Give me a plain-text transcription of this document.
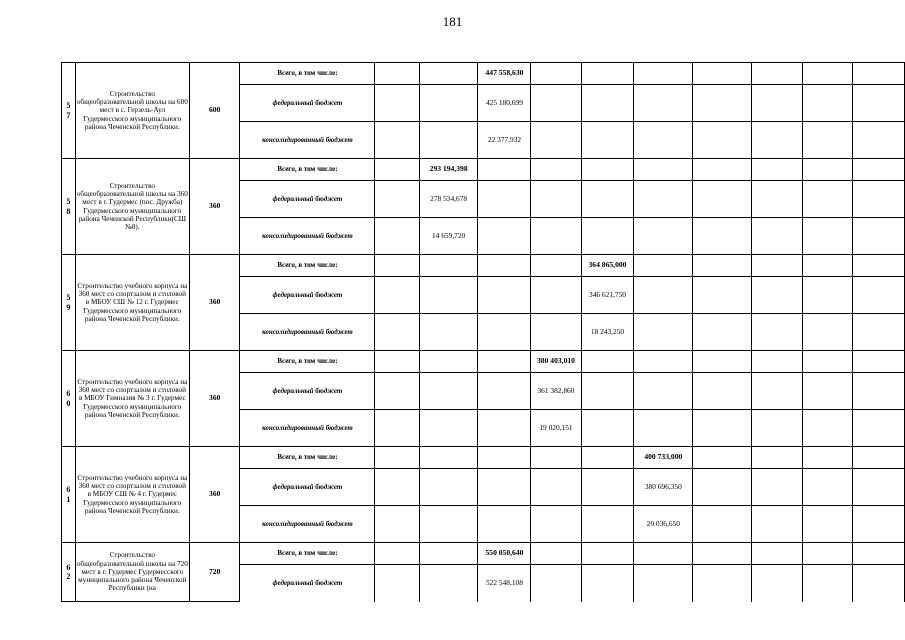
181
5
7	Строительство общеобразовательной школы на 600 мест в с. Герзель-Аул Гудермесского муниципального района Чеченской Республики.	600	Всего, в том числе:			447 558,630							
			федеральный бюджет			425 180,699							
			консолидированный бюджет			22 377,932							

5
8	Строительство общеобразовательной школы на 360 мест в г. Гудермес (пос. Дружба) Гудермесского муниципального района Чеченской Республики(СШ №8).	360	Всего, в том числе:		293 194,398								
			федеральный бюджет		278 534,678								
			консолидированный бюджет		14 659,720								

5
9	Строительство учебного корпуса на 360 мест со спортзалом и столовой в МБОУ СШ № 12 г. Гудермес Гудермесского муниципального района Чеченской Республики.	360	Всего, в том числе:					364 865,000					
			федеральный бюджет					346 621,750					
			консолидированный бюджет					18 243,250					

6
0	Строительство учебного корпуса на 360 мест со спортзалом и столовой в МБОУ Гимназия № 3 г. Гудермес Гудермесского муниципального района Чеченской Республики.	360	Всего, в том числе:				380 403,010						
			федеральный бюджет				361 382,860						
			консолидированный бюджет				19 020,151						

6
1	Строительство учебного корпуса на 360 мест со спортзалом и столовой в МБОУ СШ № 4 г. Гудермес Гудермесского муниципального района Чеченской Республики.	360	Всего, в том числе:						400 733,000				
			федеральный бюджет						380 696,350				
			консолидированный бюджет						20 036,650				

6
2	Строительство общеобразовательной школы на 720 мест в г. Гудермес Гудермесского муниципального района Чеченской Республики (на	720	Всего, в том числе:			550 050,640							
			федеральный бюджет			522 548,108							
